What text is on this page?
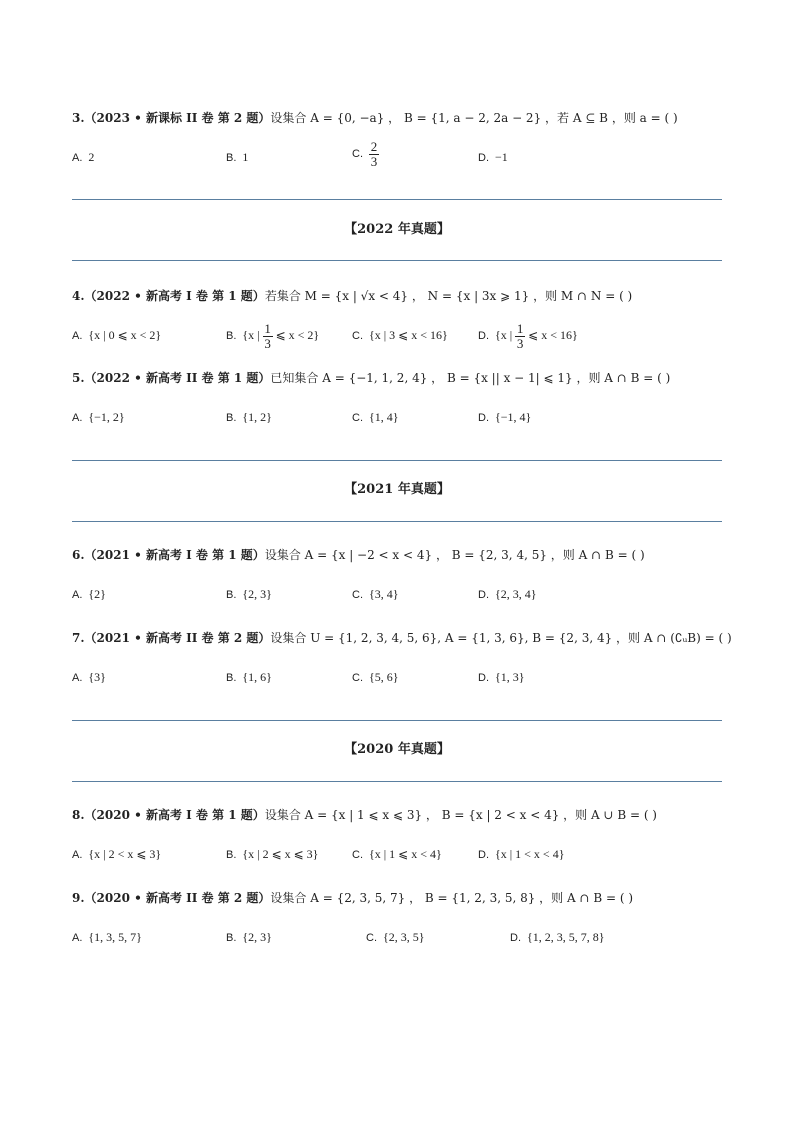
3.（2023 • 新课标 II 卷 第 2 题）设集合 A = {0, −a} ， B = {1, a − 2, 2a − 2} ，若 A ⊆ B ，则 a = ( )
A. 2	B. 1	C. $\frac{2}{3}$	D. −1
【2022 年真题】
4.（2022 • 新高考 I 卷 第 1 题）若集合 M = {x | √x < 4} ， N = {x | 3x ⩾ 1} ，则 M ∩ N = ( )
A. {x | 0 ⩽ x < 2}	B. {x | $\frac{1}{3}$ ⩽ x < 2}	C. {x | 3 ⩽ x < 16}	D. {x | $\frac{1}{3}$ ⩽ x < 16}
5.（2022 • 新高考 II 卷 第 1 题）已知集合 A = {−1, 1, 2, 4} ， B = {x || x − 1| ⩽ 1} ，则 A ∩ B = ( )
A. {−1, 2}	B. {1, 2}	C. {1, 4}	D. {−1, 4}
【2021 年真题】
6.（2021 • 新高考 I 卷 第 1 题）设集合 A = {x | −2 < x < 4} ， B = {2, 3, 4, 5} ，则 A ∩ B = ( )
A. {2}	B. {2, 3}	C. {3, 4}	D. {2, 3, 4}
7.（2021 • 新高考 II 卷 第 2 题）设集合 U = {1, 2, 3, 4, 5, 6}, A = {1, 3, 6}, B = {2, 3, 4} ，则 A ∩ (∁ᵤB) = ( )
A. {3}	B. {1, 6}	C. {5, 6}	D. {1, 3}
【2020 年真题】
8.（2020 • 新高考 I 卷 第 1 题）设集合 A = {x | 1 ⩽ x ⩽ 3} ， B = {x | 2 < x < 4} ，则 A ∪ B = ( )
A. {x | 2 < x ⩽ 3}	B. {x | 2 ⩽ x ⩽ 3}	C. {x | 1 ⩽ x < 4}	D. {x | 1 < x < 4}
9.（2020 • 新高考 II 卷 第 2 题）设集合 A = {2, 3, 5, 7} ， B = {1, 2, 3, 5, 8} ，则 A ∩ B = ( )
A. {1, 3, 5, 7}	B. {2, 3}	C. {2, 3, 5}	D. {1, 2, 3, 5, 7, 8}
